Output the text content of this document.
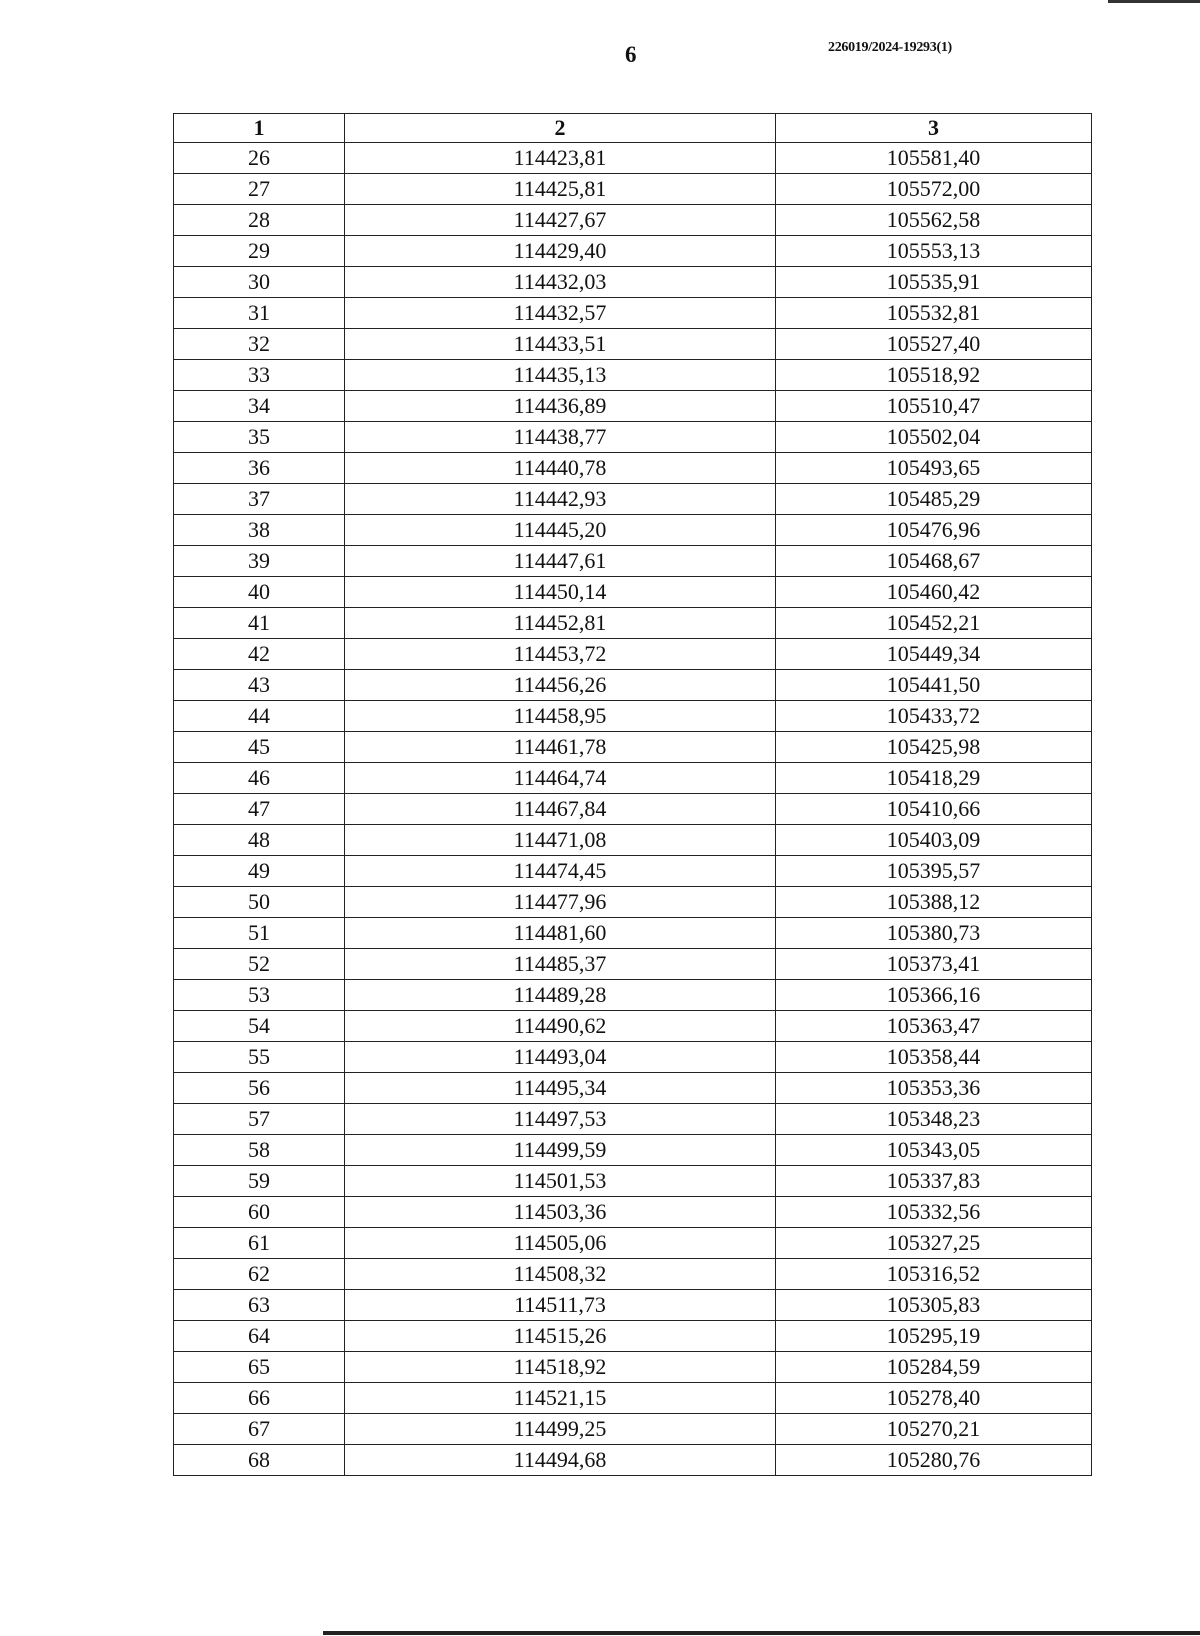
6	226019/2024-19293(1)
1	2	3
26	114423,81	105581,40
27	114425,81	105572,00
28	114427,67	105562,58
29	114429,40	105553,13
30	114432,03	105535,91
31	114432,57	105532,81
32	114433,51	105527,40
33	114435,13	105518,92
34	114436,89	105510,47
35	114438,77	105502,04
36	114440,78	105493,65
37	114442,93	105485,29
38	114445,20	105476,96
39	114447,61	105468,67
40	114450,14	105460,42
41	114452,81	105452,21
42	114453,72	105449,34
43	114456,26	105441,50
44	114458,95	105433,72
45	114461,78	105425,98
46	114464,74	105418,29
47	114467,84	105410,66
48	114471,08	105403,09
49	114474,45	105395,57
50	114477,96	105388,12
51	114481,60	105380,73
52	114485,37	105373,41
53	114489,28	105366,16
54	114490,62	105363,47
55	114493,04	105358,44
56	114495,34	105353,36
57	114497,53	105348,23
58	114499,59	105343,05
59	114501,53	105337,83
60	114503,36	105332,56
61	114505,06	105327,25
62	114508,32	105316,52
63	114511,73	105305,83
64	114515,26	105295,19
65	114518,92	105284,59
66	114521,15	105278,40
67	114499,25	105270,21
68	114494,68	105280,76
